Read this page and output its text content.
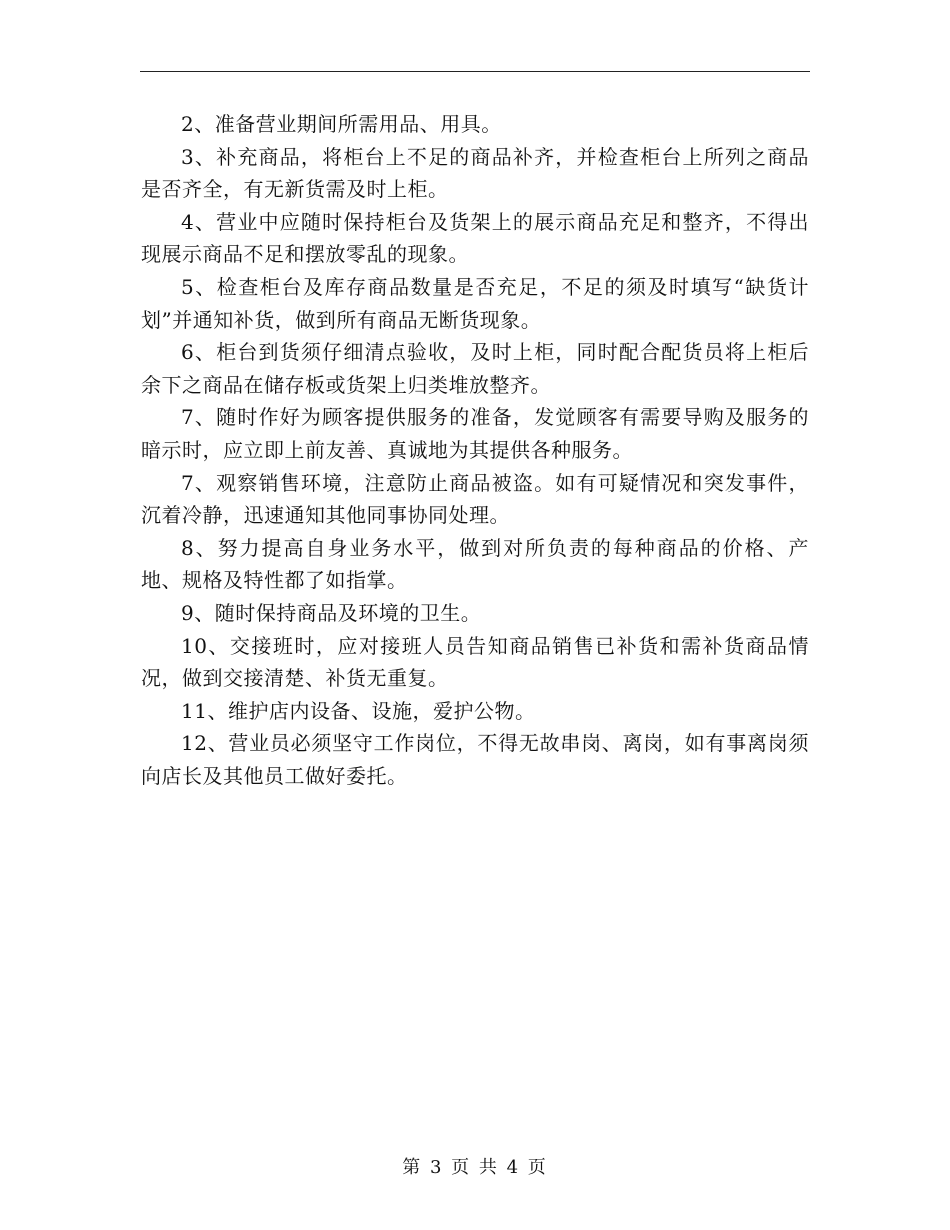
2、准备营业期间所需用品、用具。

3、补充商品，将柜台上不足的商品补齐，并检查柜台上所列之商品是否齐全，有无新货需及时上柜。

4、营业中应随时保持柜台及货架上的展示商品充足和整齐，不得出现展示商品不足和摆放零乱的现象。

5、检查柜台及库存商品数量是否充足，不足的须及时填写“缺货计划”并通知补货，做到所有商品无断货现象。

6、柜台到货须仔细清点验收，及时上柜，同时配合配货员将上柜后余下之商品在储存板或货架上归类堆放整齐。

7、随时作好为顾客提供服务的准备，发觉顾客有需要导购及服务的暗示时，应立即上前友善、真诚地为其提供各种服务。

7、观察销售环境，注意防止商品被盗。如有可疑情况和突发事件，沉着冷静，迅速通知其他同事协同处理。

8、努力提高自身业务水平，做到对所负责的每种商品的价格、产地、规格及特性都了如指掌。

9、随时保持商品及环境的卫生。

10、交接班时，应对接班人员告知商品销售已补货和需补货商品情况，做到交接清楚、补货无重复。

11、维护店内设备、设施，爱护公物。

12、营业员必须坚守工作岗位，不得无故串岗、离岗，如有事离岗须向店长及其他员工做好委托。

第 3 页 共 4 页
